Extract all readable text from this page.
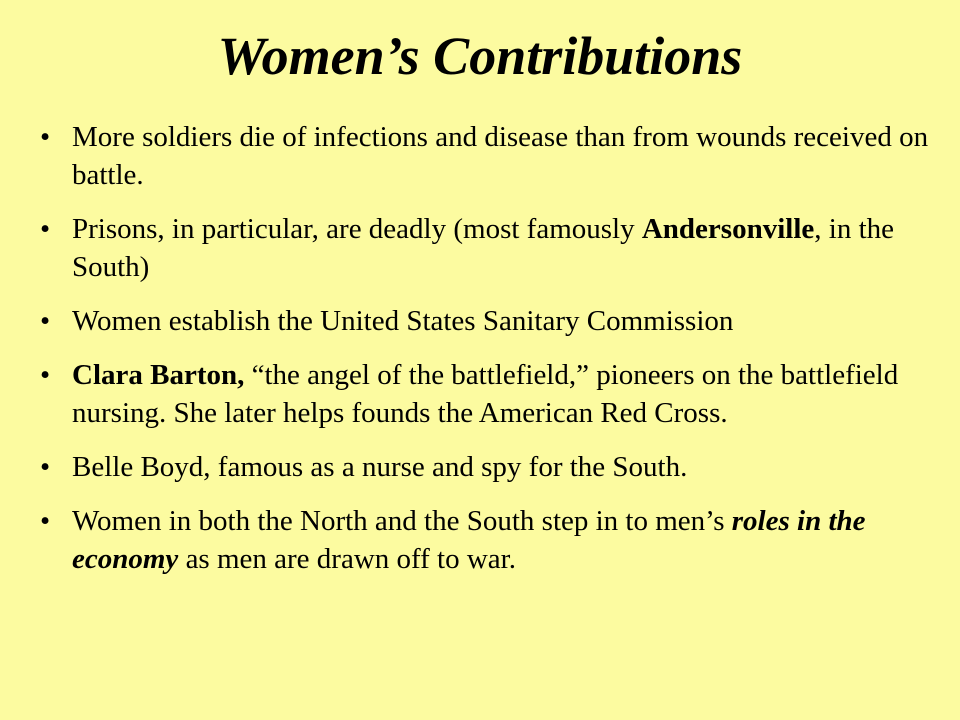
Women’s Contributions
• More soldiers die of infections and disease than from wounds received on battle.
• Prisons, in particular, are deadly (most famously Andersonville, in the South)
• Women establish the United States Sanitary Commission
• Clara Barton, “the angel of the battlefield,” pioneers on the battlefield nursing. She later helps founds the American Red Cross.
• Belle Boyd, famous as a nurse and spy for the South.
• Women in both the North and the South step in to men’s roles in the economy as men are drawn off to war.
